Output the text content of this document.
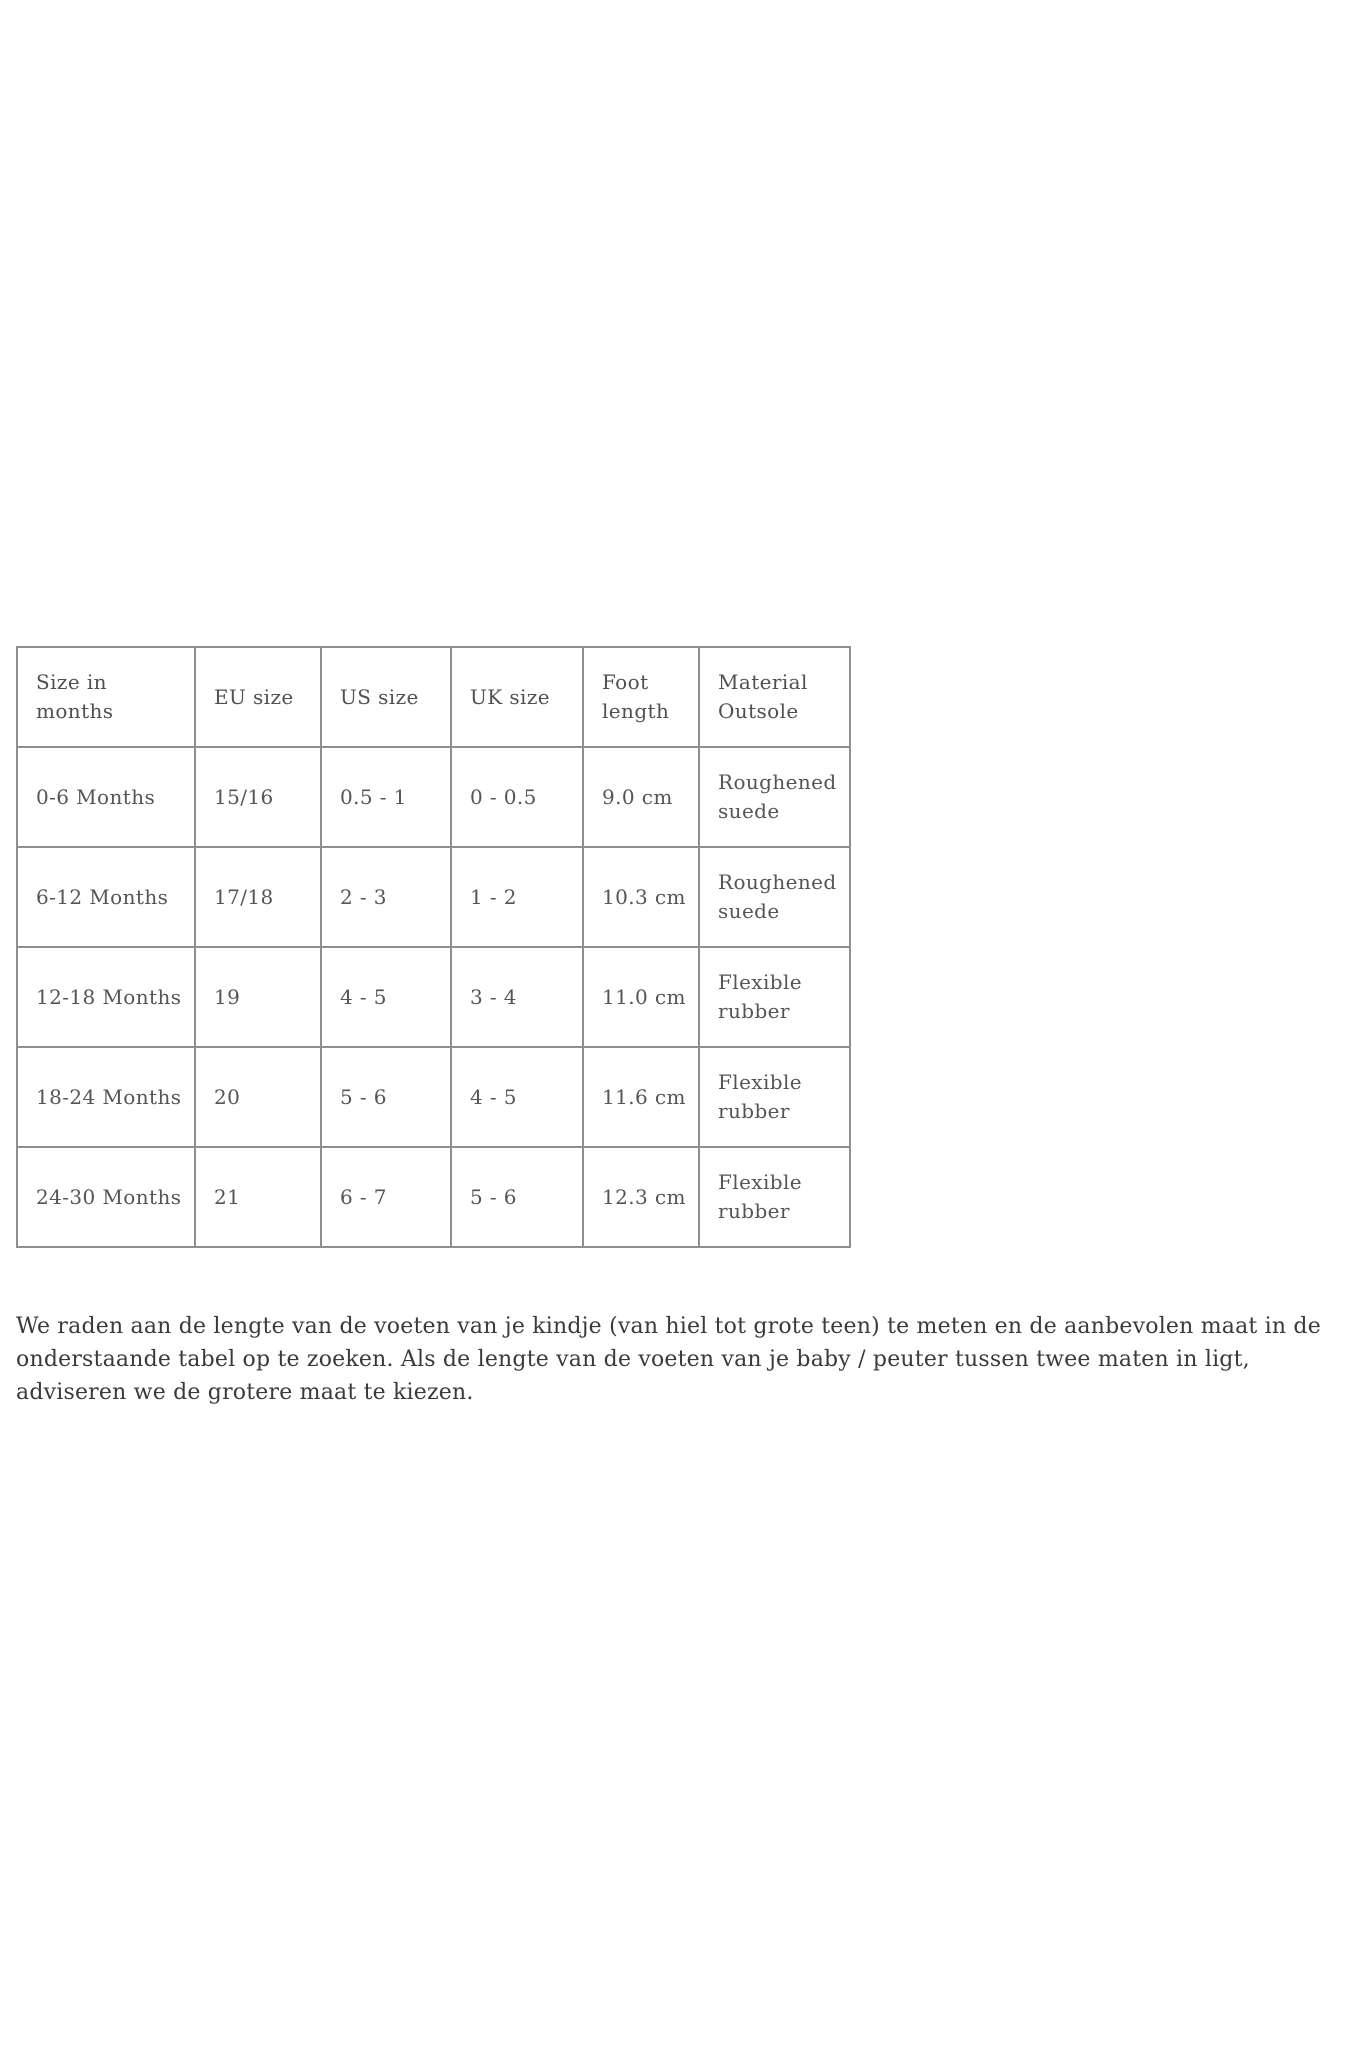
Size in months	EU size	US size	UK size	Foot length	Material Outsole
0-6 Months	15/16	0.5 - 1	0 - 0.5	9.0 cm	Roughened suede
6-12 Months	17/18	2 - 3	1 - 2	10.3 cm	Roughened suede
12-18 Months	19	4 - 5	3 - 4	11.0 cm	Flexible rubber
18-24 Months	20	5 - 6	4 - 5	11.6 cm	Flexible rubber
24-30 Months	21	6 - 7	5 - 6	12.3 cm	Flexible rubber

We raden aan de lengte van de voeten van je kindje (van hiel tot grote teen) te meten en de aanbevolen maat in de onderstaande tabel op te zoeken. Als de lengte van de voeten van je baby / peuter tussen twee maten in ligt, adviseren we de grotere maat te kiezen.
